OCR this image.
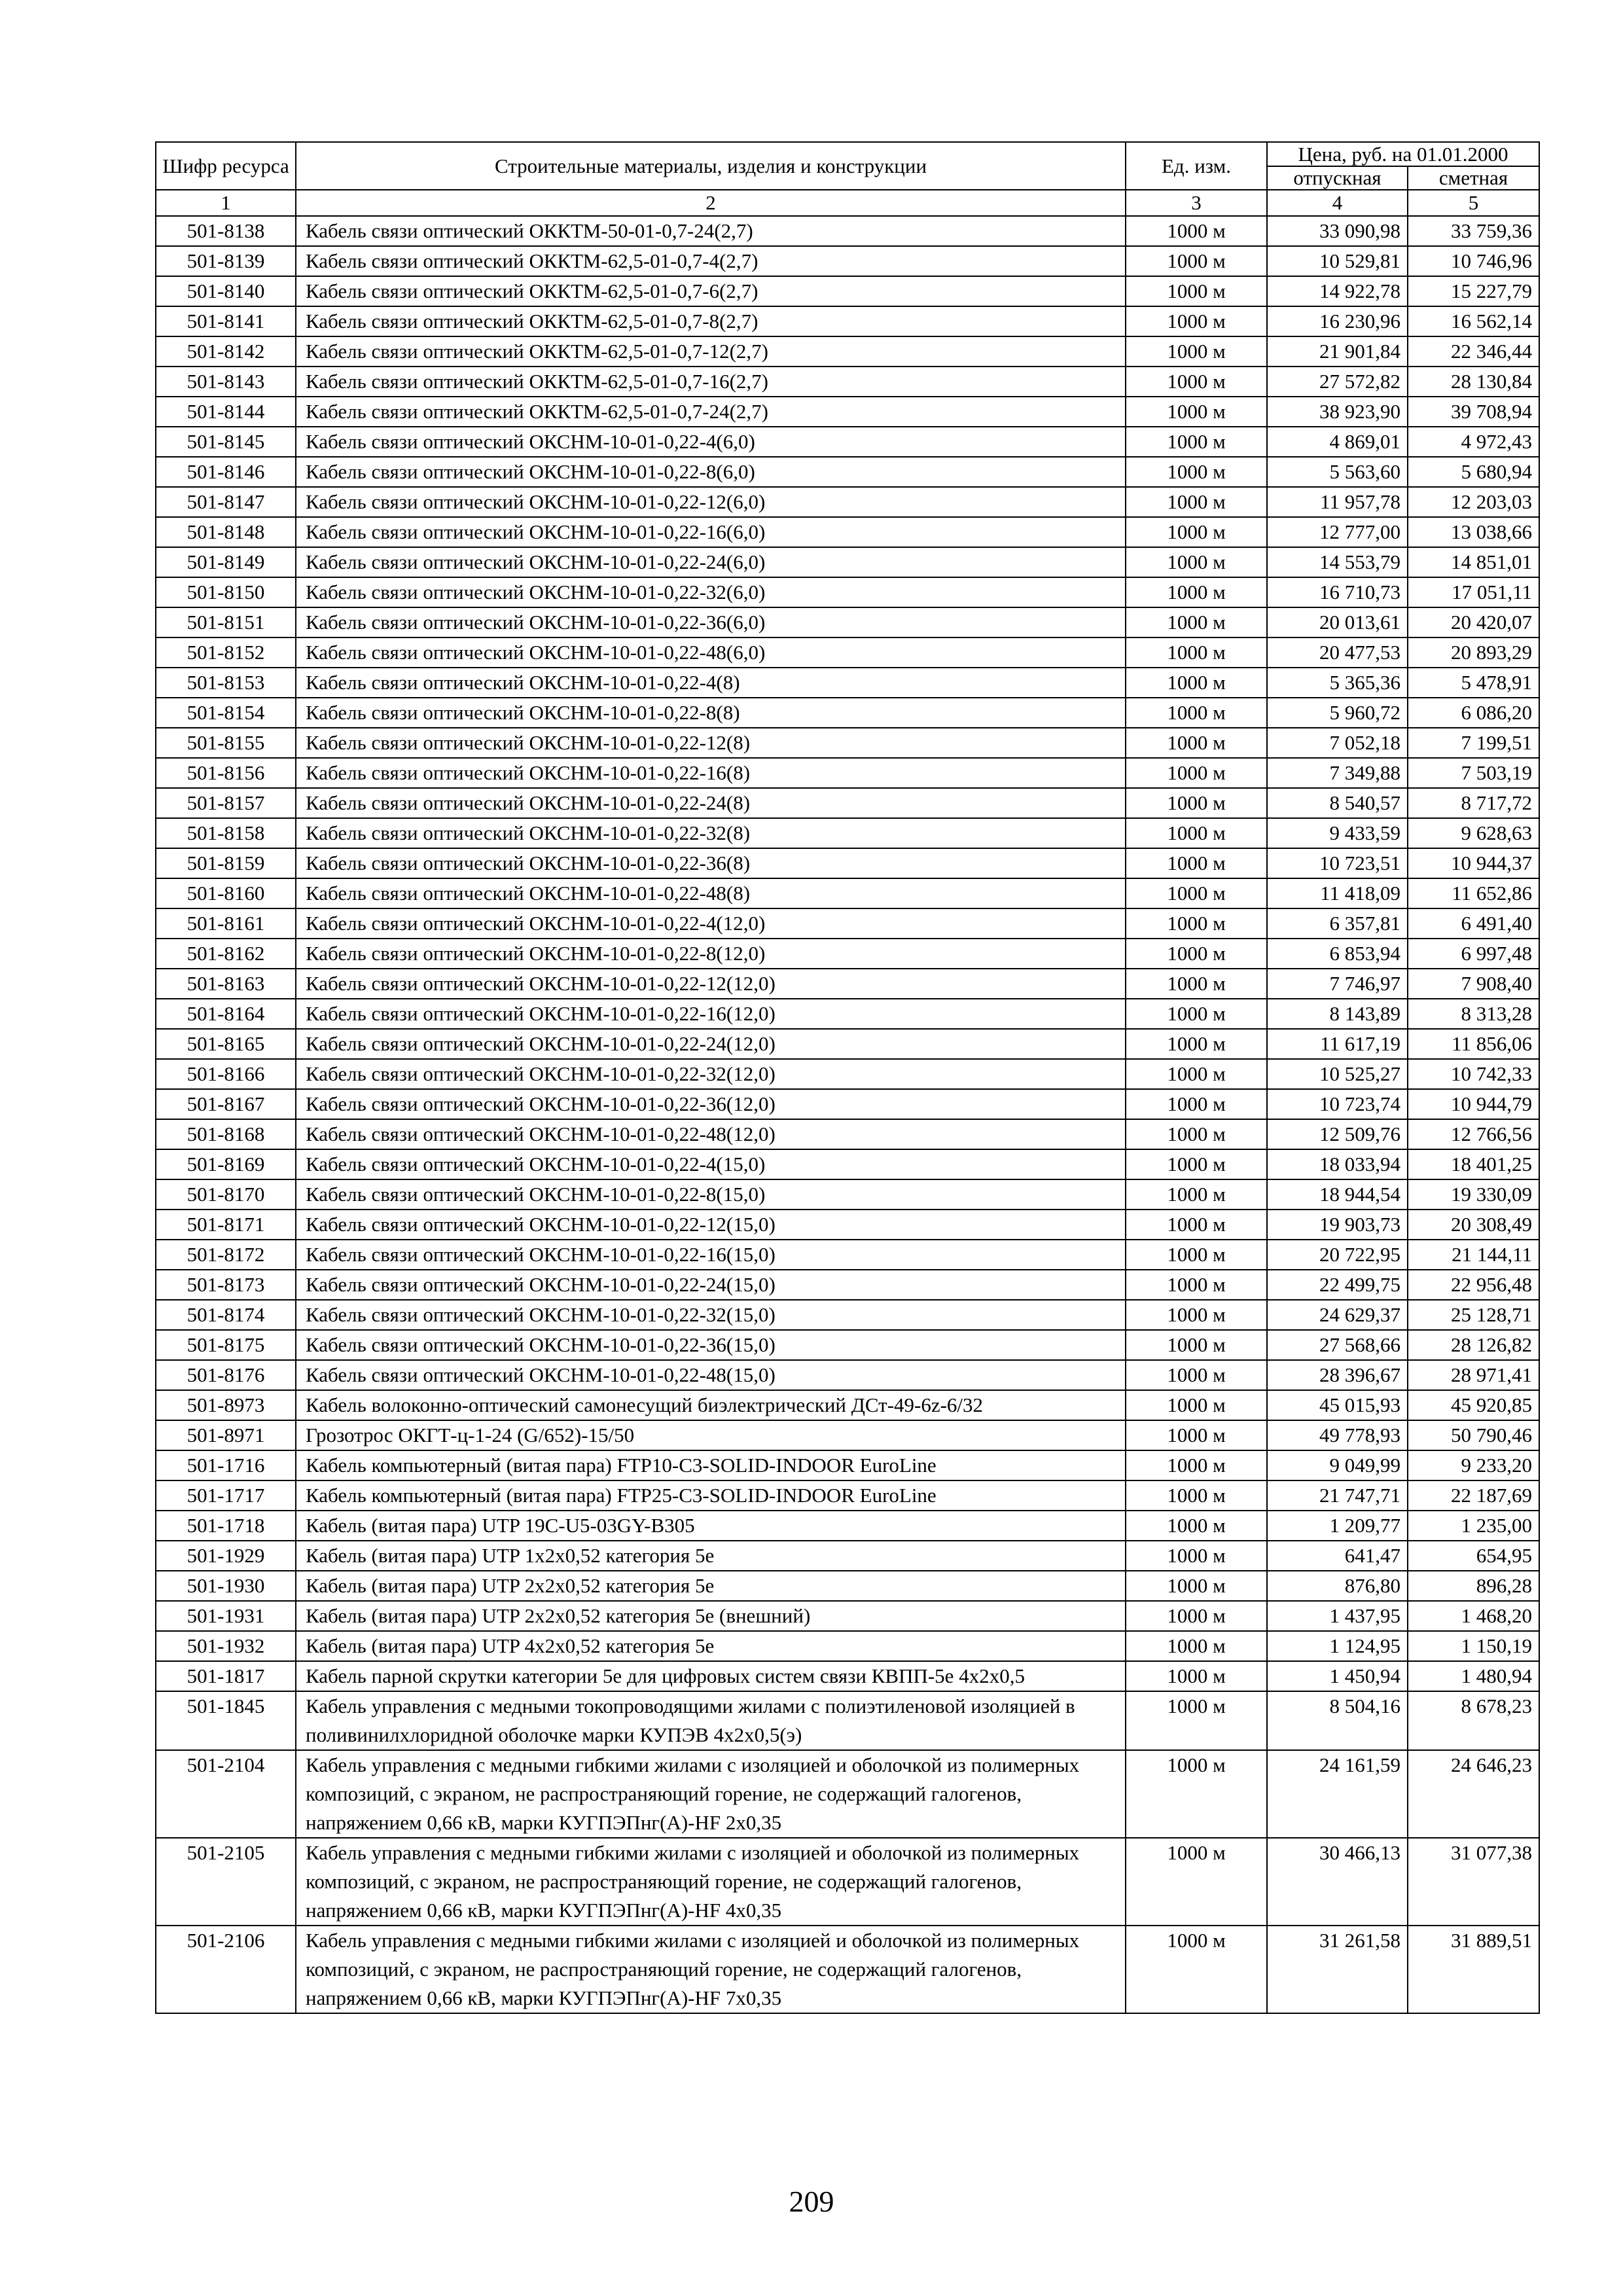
Шифр ресурса	Строительные материалы, изделия и конструкции	Ед. изм.	Цена, руб. на 01.01.2000	
			отпускная	сметная
1	2	3	4	5
501-8138	Кабель связи оптический ОККТМ-50-01-0,7-24(2,7)	1000 м	33 090,98	33 759,36
501-8139	Кабель связи оптический ОККТМ-62,5-01-0,7-4(2,7)	1000 м	10 529,81	10 746,96
501-8140	Кабель связи оптический ОККТМ-62,5-01-0,7-6(2,7)	1000 м	14 922,78	15 227,79
501-8141	Кабель связи оптический ОККТМ-62,5-01-0,7-8(2,7)	1000 м	16 230,96	16 562,14
501-8142	Кабель связи оптический ОККТМ-62,5-01-0,7-12(2,7)	1000 м	21 901,84	22 346,44
501-8143	Кабель связи оптический ОККТМ-62,5-01-0,7-16(2,7)	1000 м	27 572,82	28 130,84
501-8144	Кабель связи оптический ОККТМ-62,5-01-0,7-24(2,7)	1000 м	38 923,90	39 708,94
501-8145	Кабель связи оптический ОКСНМ-10-01-0,22-4(6,0)	1000 м	4 869,01	4 972,43
501-8146	Кабель связи оптический ОКСНМ-10-01-0,22-8(6,0)	1000 м	5 563,60	5 680,94
501-8147	Кабель связи оптический ОКСНМ-10-01-0,22-12(6,0)	1000 м	11 957,78	12 203,03
501-8148	Кабель связи оптический ОКСНМ-10-01-0,22-16(6,0)	1000 м	12 777,00	13 038,66
501-8149	Кабель связи оптический ОКСНМ-10-01-0,22-24(6,0)	1000 м	14 553,79	14 851,01
501-8150	Кабель связи оптический ОКСНМ-10-01-0,22-32(6,0)	1000 м	16 710,73	17 051,11
501-8151	Кабель связи оптический ОКСНМ-10-01-0,22-36(6,0)	1000 м	20 013,61	20 420,07
501-8152	Кабель связи оптический ОКСНМ-10-01-0,22-48(6,0)	1000 м	20 477,53	20 893,29
501-8153	Кабель связи оптический ОКСНМ-10-01-0,22-4(8)	1000 м	5 365,36	5 478,91
501-8154	Кабель связи оптический ОКСНМ-10-01-0,22-8(8)	1000 м	5 960,72	6 086,20
501-8155	Кабель связи оптический ОКСНМ-10-01-0,22-12(8)	1000 м	7 052,18	7 199,51
501-8156	Кабель связи оптический ОКСНМ-10-01-0,22-16(8)	1000 м	7 349,88	7 503,19
501-8157	Кабель связи оптический ОКСНМ-10-01-0,22-24(8)	1000 м	8 540,57	8 717,72
501-8158	Кабель связи оптический ОКСНМ-10-01-0,22-32(8)	1000 м	9 433,59	9 628,63
501-8159	Кабель связи оптический ОКСНМ-10-01-0,22-36(8)	1000 м	10 723,51	10 944,37
501-8160	Кабель связи оптический ОКСНМ-10-01-0,22-48(8)	1000 м	11 418,09	11 652,86
501-8161	Кабель связи оптический ОКСНМ-10-01-0,22-4(12,0)	1000 м	6 357,81	6 491,40
501-8162	Кабель связи оптический ОКСНМ-10-01-0,22-8(12,0)	1000 м	6 853,94	6 997,48
501-8163	Кабель связи оптический ОКСНМ-10-01-0,22-12(12,0)	1000 м	7 746,97	7 908,40
501-8164	Кабель связи оптический ОКСНМ-10-01-0,22-16(12,0)	1000 м	8 143,89	8 313,28
501-8165	Кабель связи оптический ОКСНМ-10-01-0,22-24(12,0)	1000 м	11 617,19	11 856,06
501-8166	Кабель связи оптический ОКСНМ-10-01-0,22-32(12,0)	1000 м	10 525,27	10 742,33
501-8167	Кабель связи оптический ОКСНМ-10-01-0,22-36(12,0)	1000 м	10 723,74	10 944,79
501-8168	Кабель связи оптический ОКСНМ-10-01-0,22-48(12,0)	1000 м	12 509,76	12 766,56
501-8169	Кабель связи оптический ОКСНМ-10-01-0,22-4(15,0)	1000 м	18 033,94	18 401,25
501-8170	Кабель связи оптический ОКСНМ-10-01-0,22-8(15,0)	1000 м	18 944,54	19 330,09
501-8171	Кабель связи оптический ОКСНМ-10-01-0,22-12(15,0)	1000 м	19 903,73	20 308,49
501-8172	Кабель связи оптический ОКСНМ-10-01-0,22-16(15,0)	1000 м	20 722,95	21 144,11
501-8173	Кабель связи оптический ОКСНМ-10-01-0,22-24(15,0)	1000 м	22 499,75	22 956,48
501-8174	Кабель связи оптический ОКСНМ-10-01-0,22-32(15,0)	1000 м	24 629,37	25 128,71
501-8175	Кабель связи оптический ОКСНМ-10-01-0,22-36(15,0)	1000 м	27 568,66	28 126,82
501-8176	Кабель связи оптический ОКСНМ-10-01-0,22-48(15,0)	1000 м	28 396,67	28 971,41
501-8973	Кабель волоконно-оптический самонесущий биэлектрический ДСт-49-6z-6/32	1000 м	45 015,93	45 920,85
501-8971	Грозотрос ОКГТ-ц-1-24 (G/652)-15/50	1000 м	49 778,93	50 790,46
501-1716	Кабель компьютерный (витая пара) FTP10-C3-SOLID-INDOOR EuroLine	1000 м	9 049,99	9 233,20
501-1717	Кабель компьютерный (витая пара) FTP25-C3-SOLID-INDOOR EuroLine	1000 м	21 747,71	22 187,69
501-1718	Кабель (витая пара) UTP 19C-U5-03GY-B305	1000 м	1 209,77	1 235,00
501-1929	Кабель (витая пара) UTP 1x2x0,52 категория 5е	1000 м	641,47	654,95
501-1930	Кабель (витая пара) UTP 2x2x0,52 категория 5е	1000 м	876,80	896,28
501-1931	Кабель (витая пара) UTP 2x2x0,52 категория 5е (внешний)	1000 м	1 437,95	1 468,20
501-1932	Кабель (витая пара) UTP 4x2x0,52 категория 5е	1000 м	1 124,95	1 150,19
501-1817	Кабель парной скрутки категории 5е для цифровых систем связи КВПП-5е 4х2х0,5	1000 м	1 450,94	1 480,94
501-1845	Кабель управления с медными токопроводящими жилами с полиэтиленовой изоляцией в поливинилхлоридной оболочке марки КУПЭВ 4х2х0,5(э)	1000 м	8 504,16	8 678,23
501-2104	Кабель управления с медными гибкими жилами с изоляцией и оболочкой из полимерных композиций, с экраном, не распространяющий горение, не содержащий галогенов, напряжением 0,66 кВ, марки КУГПЭПнг(А)-HF 2х0,35	1000 м	24 161,59	24 646,23
501-2105	Кабель управления с медными гибкими жилами с изоляцией и оболочкой из полимерных композиций, с экраном, не распространяющий горение, не содержащий галогенов, напряжением 0,66 кВ, марки КУГПЭПнг(А)-HF 4х0,35	1000 м	30 466,13	31 077,38
501-2106	Кабель управления с медными гибкими жилами с изоляцией и оболочкой из полимерных композиций, с экраном, не распространяющий горение, не содержащий галогенов, напряжением 0,66 кВ, марки КУГПЭПнг(А)-HF 7х0,35	1000 м	31 261,58	31 889,51
209
